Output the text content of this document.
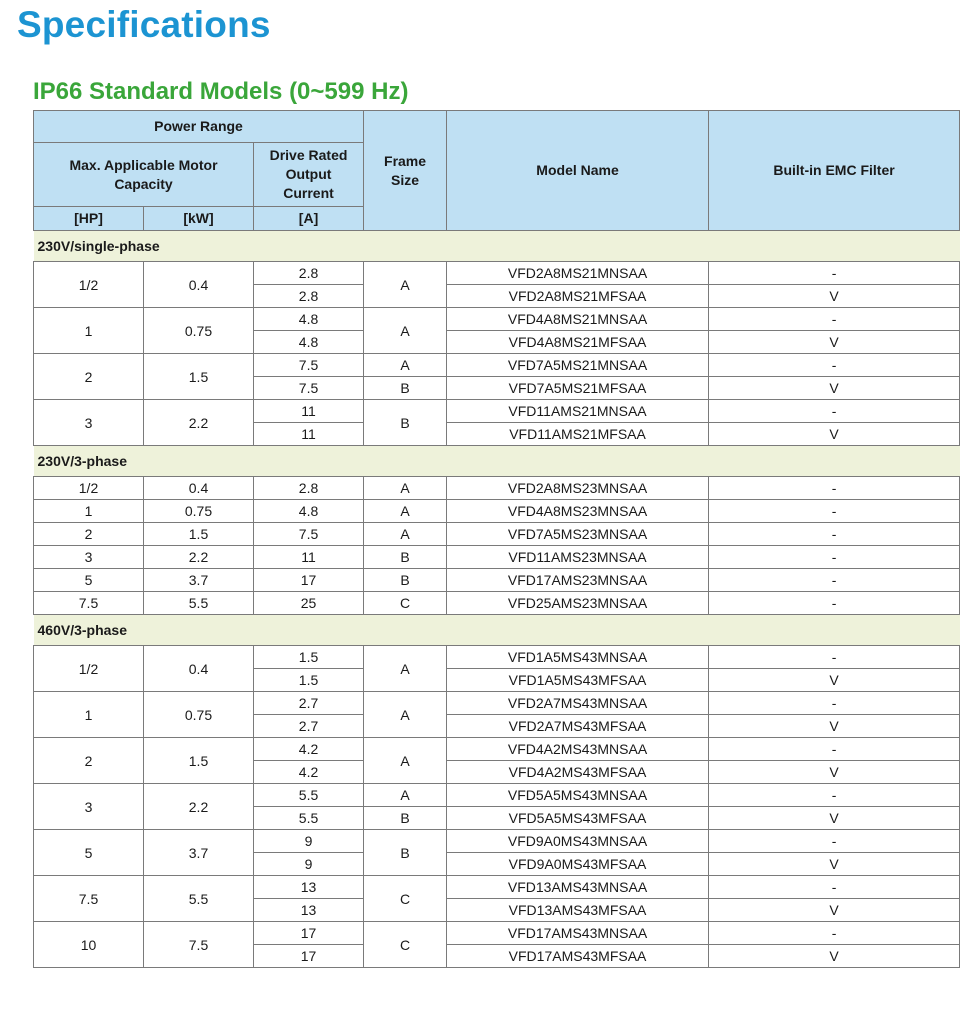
Specifications
IP66 Standard Models (0~599 Hz)
Power Range			Frame Size	Model Name	Built-in EMC Filter
Max. Applicable Motor Capacity		Drive Rated Output Current			
[HP]	[kW]	[A]			
230V/single-phase					
1/2	0.4	2.8	A	VFD2A8MS21MNSAA	-
		2.8		VFD2A8MS21MFSAA	V
1	0.75	4.8	A	VFD4A8MS21MNSAA	-
		4.8		VFD4A8MS21MFSAA	V
2	1.5	7.5	A	VFD7A5MS21MNSAA	-
		7.5	B	VFD7A5MS21MFSAA	V
3	2.2	11	B	VFD11AMS21MNSAA	-
		11		VFD11AMS21MFSAA	V
230V/3-phase					
1/2	0.4	2.8	A	VFD2A8MS23MNSAA	-
1	0.75	4.8	A	VFD4A8MS23MNSAA	-
2	1.5	7.5	A	VFD7A5MS23MNSAA	-
3	2.2	11	B	VFD11AMS23MNSAA	-
5	3.7	17	B	VFD17AMS23MNSAA	-
7.5	5.5	25	C	VFD25AMS23MNSAA	-
460V/3-phase					
1/2	0.4	1.5	A	VFD1A5MS43MNSAA	-
		1.5		VFD1A5MS43MFSAA	V
1	0.75	2.7	A	VFD2A7MS43MNSAA	-
		2.7		VFD2A7MS43MFSAA	V
2	1.5	4.2	A	VFD4A2MS43MNSAA	-
		4.2		VFD4A2MS43MFSAA	V
3	2.2	5.5	A	VFD5A5MS43MNSAA	-
		5.5	B	VFD5A5MS43MFSAA	V
5	3.7	9	B	VFD9A0MS43MNSAA	-
		9		VFD9A0MS43MFSAA	V
7.5	5.5	13	C	VFD13AMS43MNSAA	-
		13		VFD13AMS43MFSAA	V
10	7.5	17	C	VFD17AMS43MNSAA	-
		17		VFD17AMS43MFSAA	V
